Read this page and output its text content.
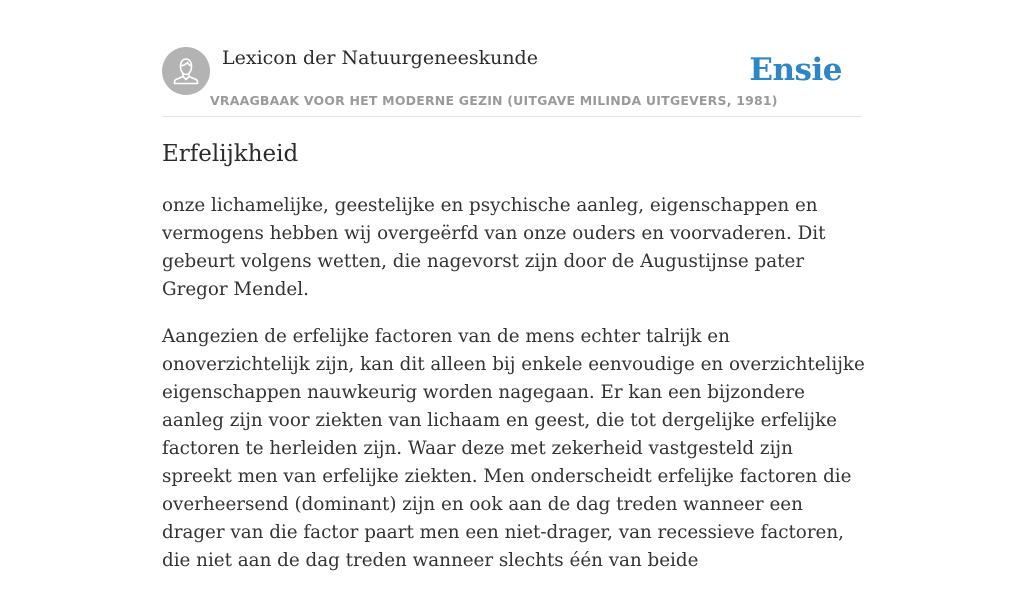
Lexicon der Natuurgeneeskunde
VRAAGBAAK VOOR HET MODERNE GEZIN (UITGAVE MILINDA UITGEVERS, 1981)
Ensie
Erfelijkheid

onze lichamelijke, geestelijke en psychische aanleg, eigenschappen en vermogens hebben wij overgeërfd van onze ouders en voorvaderen. Dit gebeurt volgens wetten, die nagevorst zijn door de Augustijnse pater Gregor Mendel.

Aangezien de erfelijke factoren van de mens echter talrijk en onoverzichtelijk zijn, kan dit alleen bij enkele eenvoudige en overzichtelijke eigenschappen nauwkeurig worden nagegaan. Er kan een bijzondere aanleg zijn voor ziekten van lichaam en geest, die tot dergelijke erfelijke factoren te herleiden zijn. Waar deze met zekerheid vastgesteld zijn spreekt men van erfelijke ziekten. Men onderscheidt erfelijke factoren die overheersend (dominant) zijn en ook aan de dag treden wanneer een drager van die factor paart men een niet-drager, van recessieve factoren, die niet aan de dag treden wanneer slechts één van beide
